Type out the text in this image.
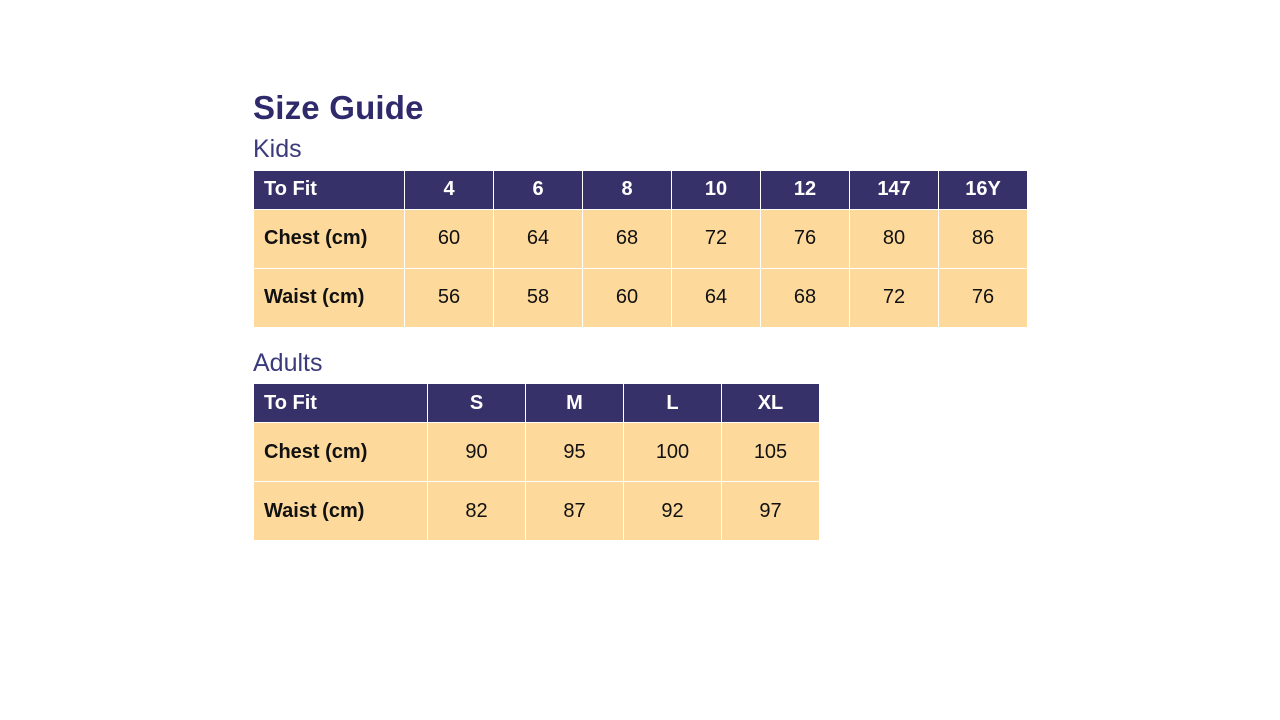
Size Guide
Kids
To Fit	4	6	8	10	12	147	16Y
Chest (cm)	60	64	68	72	76	80	86
Waist (cm)	56	58	60	64	68	72	76
Adults
To Fit	S	M	L	XL
Chest (cm)	90	95	100	105
Waist (cm)	82	87	92	97
